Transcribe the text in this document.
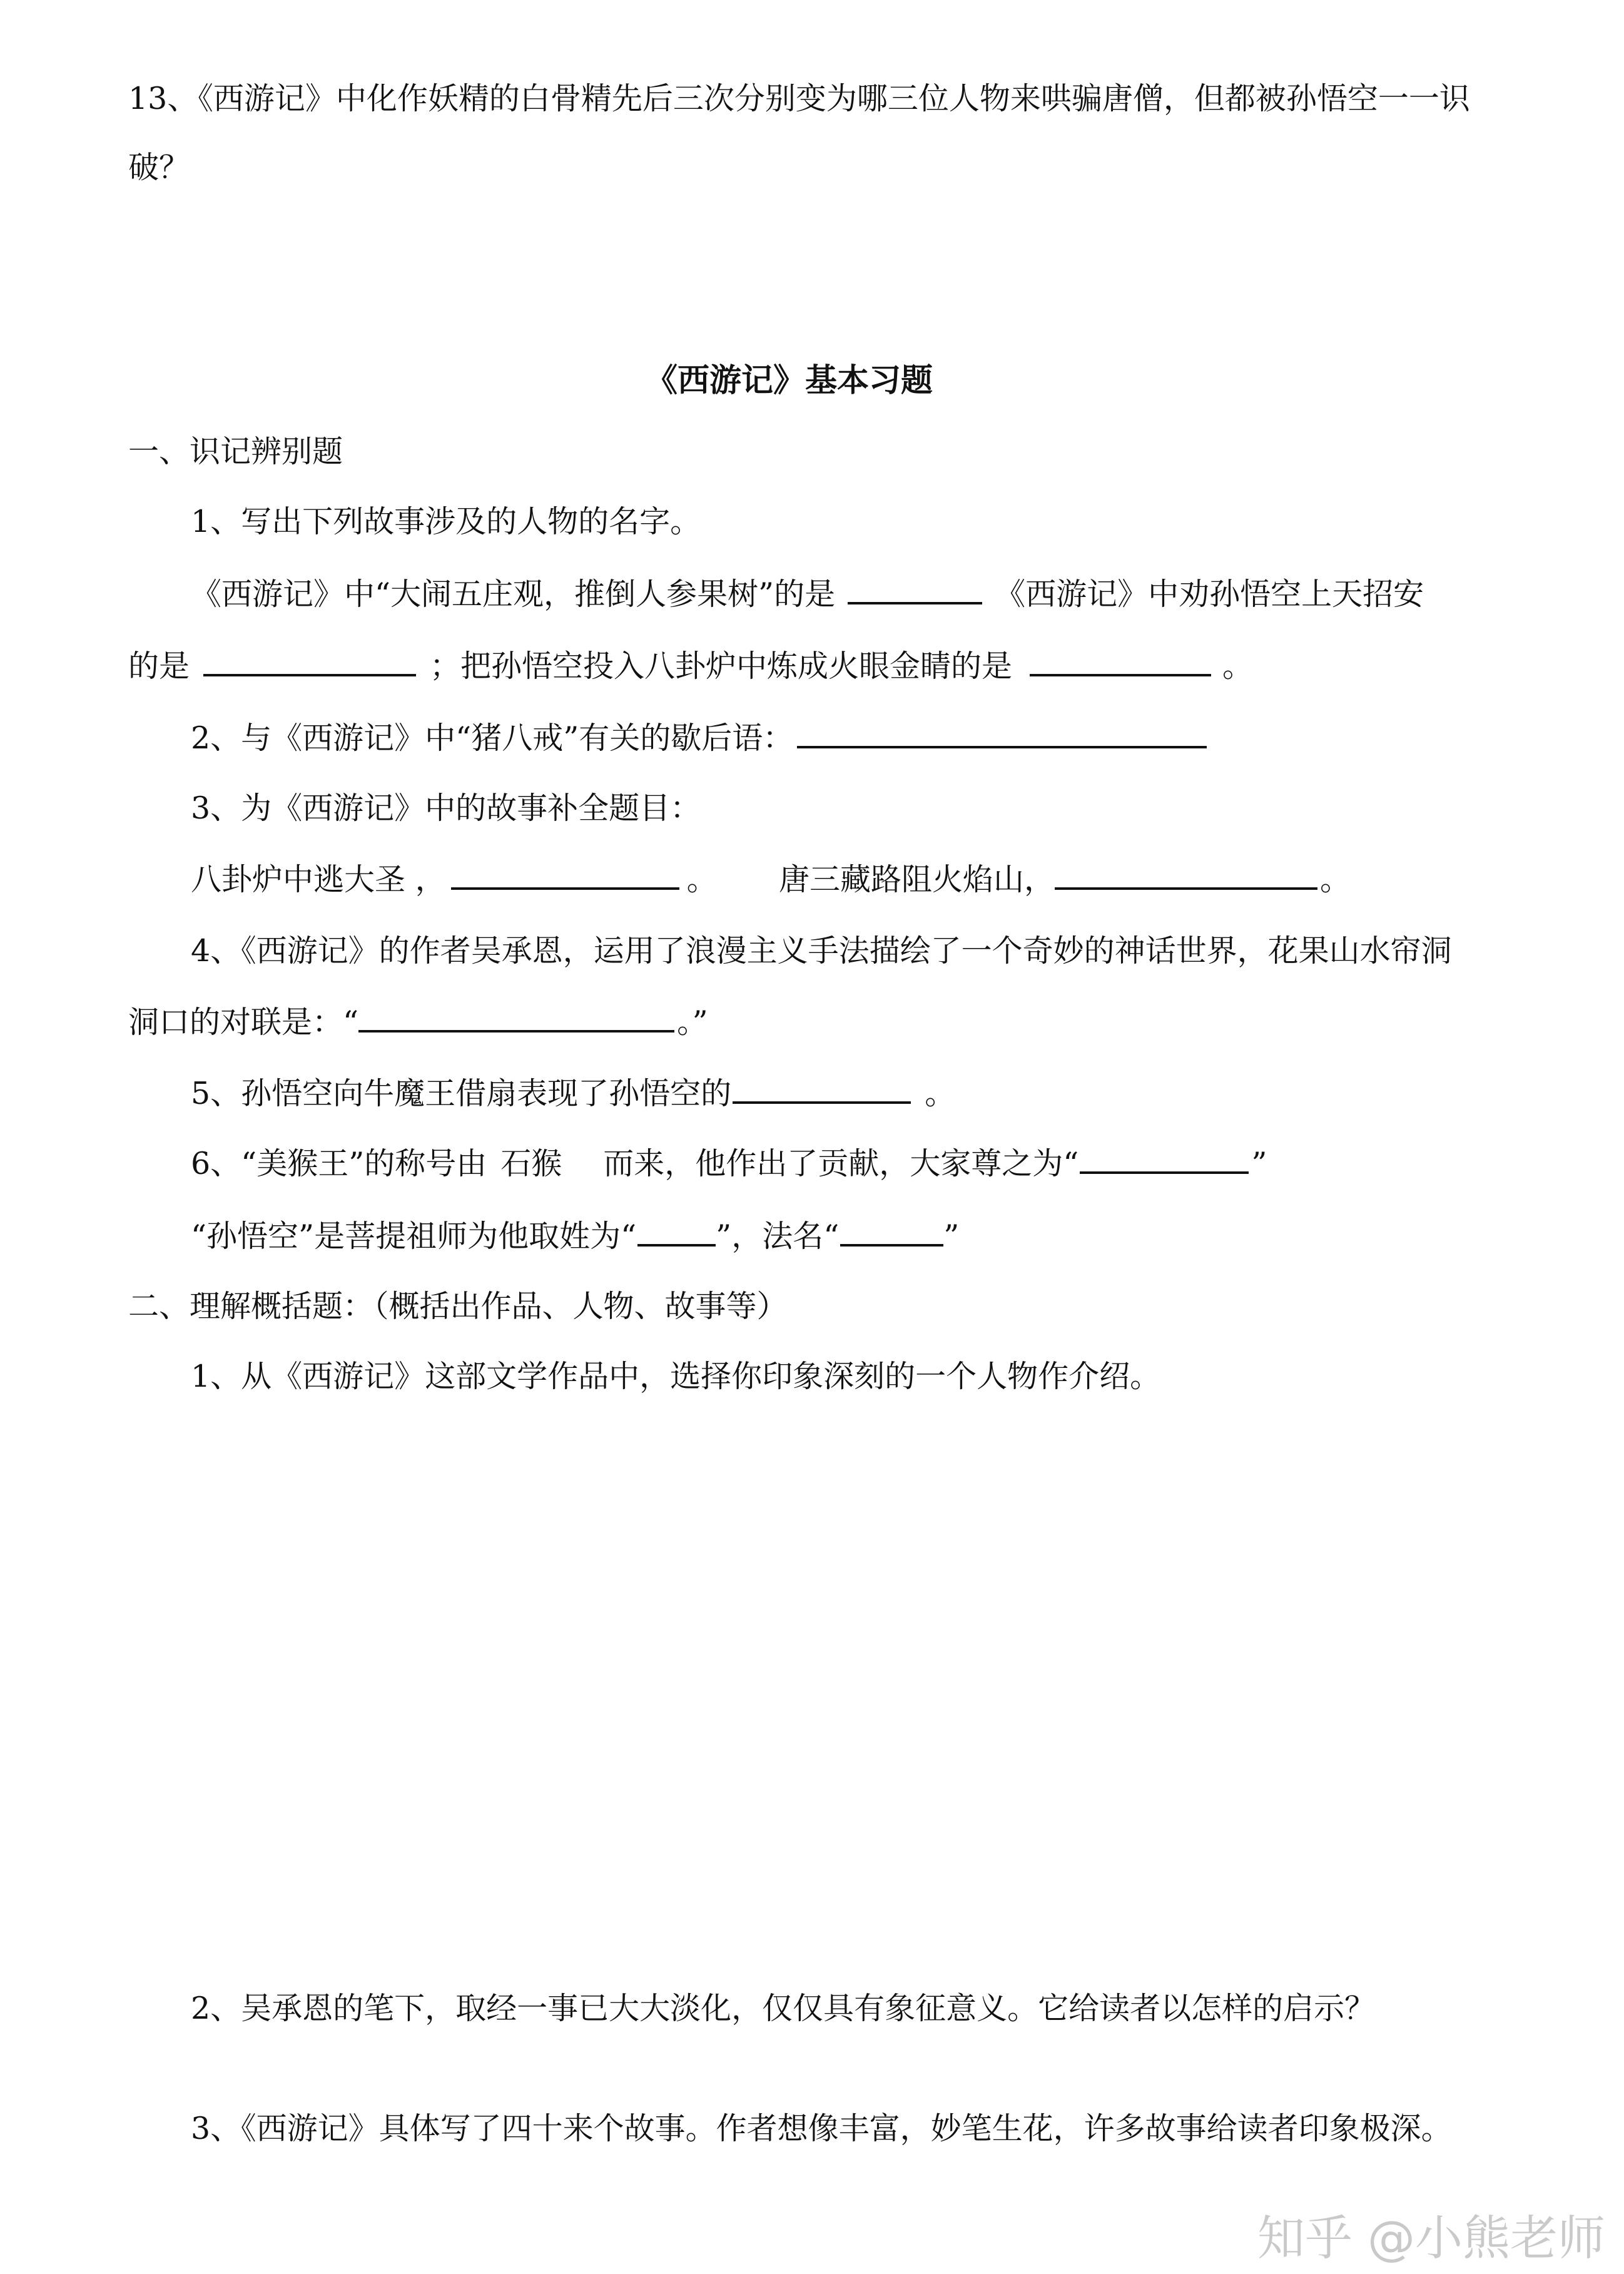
13、《西游记》中化作妖精的白骨精先后三次分别变为哪三位人物来哄骗唐僧，但都被孙悟空一一识
破？
《西游记》基本习题
一、识记辨别题
1、写出下列故事涉及的人物的名字。
《西游记》中“大闹五庄观，推倒人参果树”的是	《西游记》中劝孙悟空上天招安
的是	；把孙悟空投入八卦炉中炼成火眼金睛的是	。
2、与《西游记》中“猪八戒”有关的歇后语：
3、为《西游记》中的故事补全题目：
八卦炉中逃大圣 ，	。 唐三藏路阻火焰山，	。
4、《西游记》的作者吴承恩，运用了浪漫主义手法描绘了一个奇妙的神话世界，花果山水帘洞
洞口的对联是：“	。”
5、孙悟空向牛魔王借扇表现了孙悟空的	。
6、“美猴王”的称号由 石猴 而来，他作出了贡献，大家尊之为“	”
“孙悟空”是菩提祖师为他取姓为“	”，法名“	”
二、理解概括题：（概括出作品、人物、故事等）
1、从《西游记》这部文学作品中，选择你印象深刻的一个人物作介绍。
2、吴承恩的笔下，取经一事已大大淡化，仅仅具有象征意义。它给读者以怎样的启示？
3、《西游记》具体写了四十来个故事。作者想像丰富，妙笔生花，许多故事给读者印象极深。
知乎 @小熊老师
